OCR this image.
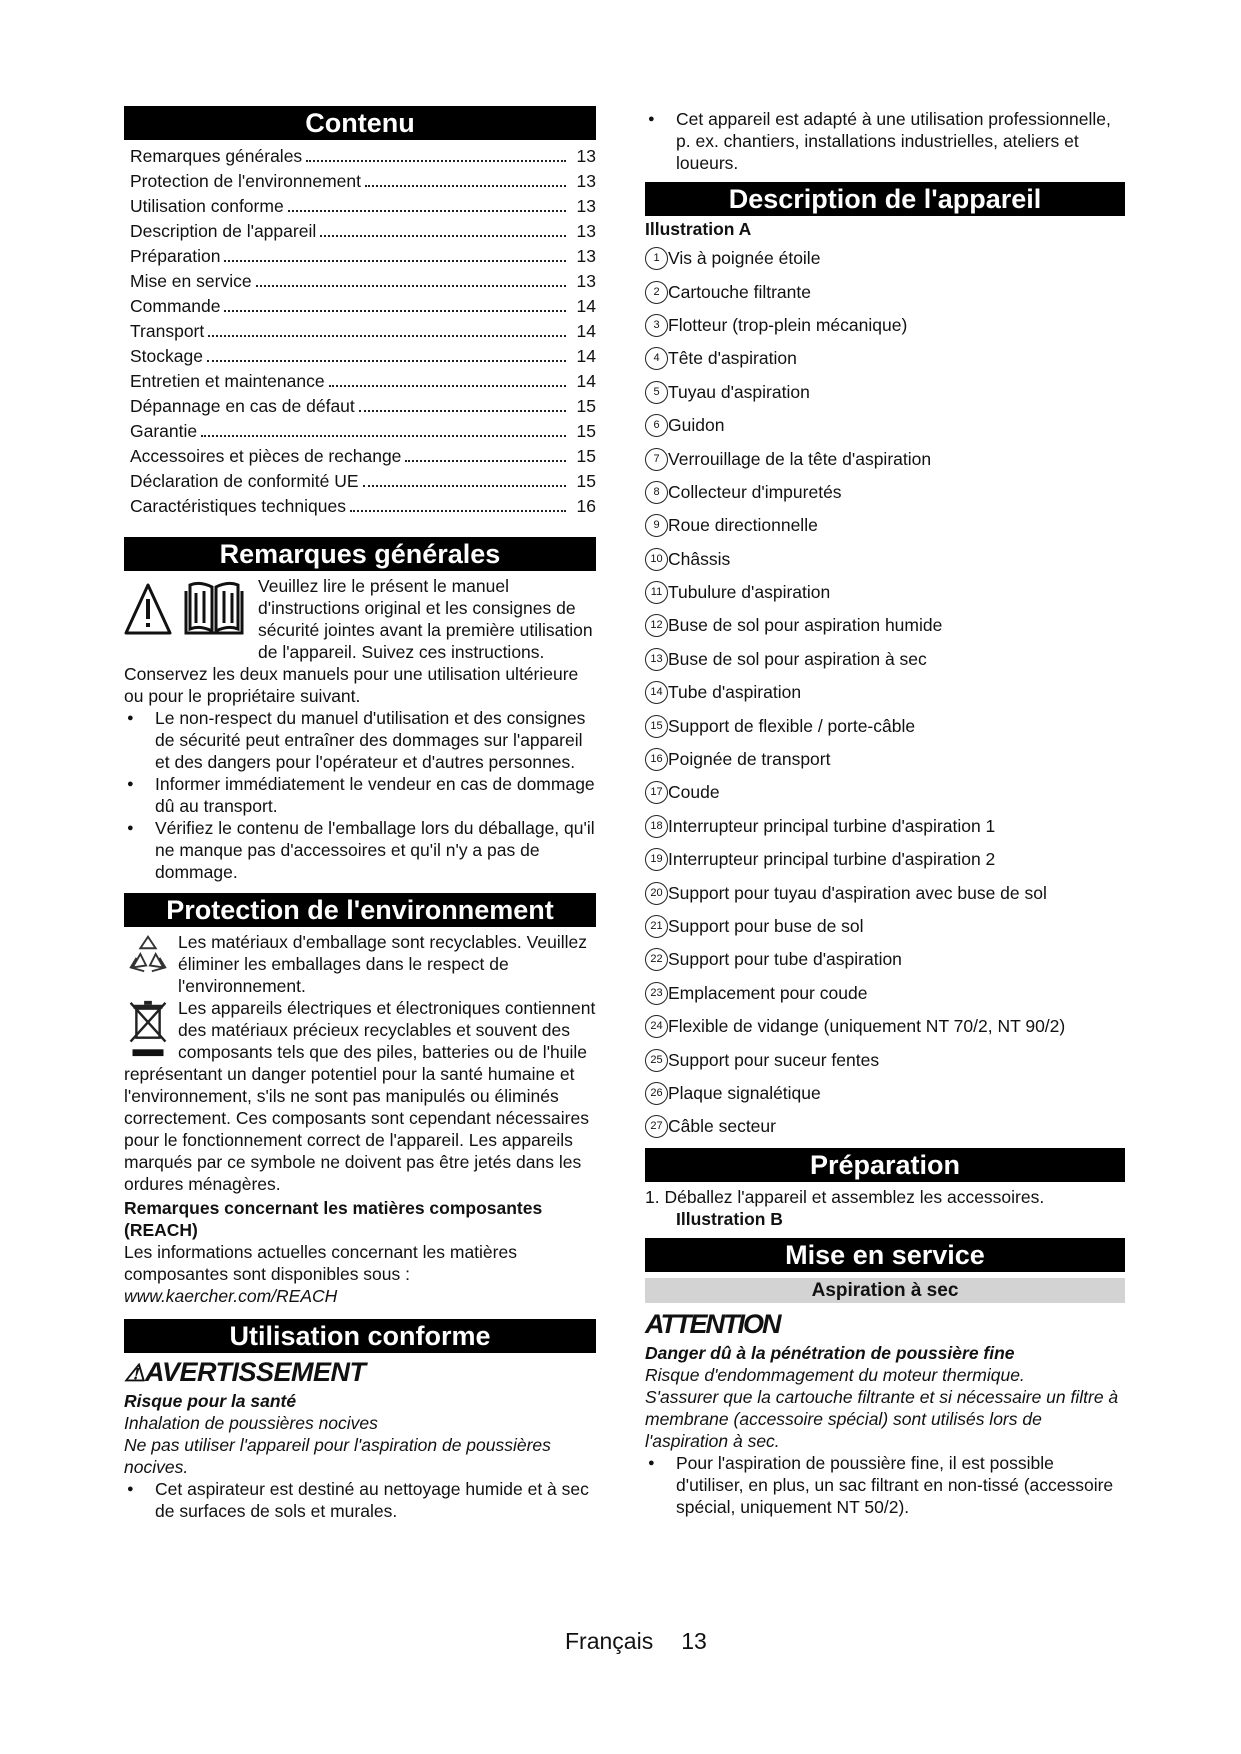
Contenu
Remarques générales	13
Protection de l'environnement	13
Utilisation conforme	13
Description de l'appareil	13
Préparation	13
Mise en service	13
Commande	14
Transport	14
Stockage	14
Entretien et maintenance	14
Dépannage en cas de défaut	15
Garantie	15
Accessoires et pièces de rechange	15
Déclaration de conformité UE	15
Caractéristiques techniques	16
Remarques générales

Veuillez lire le présent le manuel d'instructions original et les consignes de sécurité jointes avant la première utilisation de l'appareil. Suivez ces instructions. Conservez les deux manuels pour une utilisation ultérieure ou pour le propriétaire suivant.

● Le non-respect du manuel d'utilisation et des consignes de sécurité peut entraîner des dommages sur l'appareil et des dangers pour l'opérateur et d'autres personnes.
● Informer immédiatement le vendeur en cas de dommage dû au transport.
● Vérifiez le contenu de l'emballage lors du déballage, qu'il ne manque pas d'accessoires et qu'il n'y a pas de dommage.
Protection de l'environnement

Les matériaux d'emballage sont recyclables. Veuillez éliminer les emballages dans le respect de l'environnement.

Les appareils électriques et électroniques contiennent des matériaux précieux recyclables et souvent des composants tels que des piles, batteries ou de l'huile représentant un danger potentiel pour la santé humaine et l'environnement, s'ils ne sont pas manipulés ou éliminés correctement. Ces composants sont cependant nécessaires pour le fonctionnement correct de l'appareil. Les appareils marqués par ce symbole ne doivent pas être jetés dans les ordures ménagères.

Remarques concernant les matières composantes (REACH)

Les informations actuelles concernant les matières composantes sont disponibles sous : www.kaercher.com/REACH

Utilisation conforme
⚠AVERTISSEMENT

Risque pour la santé

Inhalation de poussières nocives

Ne pas utiliser l'appareil pour l'aspiration de poussières nocives.

● Cet aspirateur est destiné au nettoyage humide et à sec de surfaces de sols et murales.
● Cet appareil est adapté à une utilisation professionnelle, p. ex. chantiers, installations industrielles, ateliers et loueurs.
Description de l'appareil

Illustration A

1 Vis à poignée étoile
2 Cartouche filtrante
3 Flotteur (trop-plein mécanique)
4 Tête d'aspiration
5 Tuyau d'aspiration
6 Guidon
7 Verrouillage de la tête d'aspiration
8 Collecteur d'impuretés
9 Roue directionnelle
10 Châssis
11 Tubulure d'aspiration
12 Buse de sol pour aspiration humide
13 Buse de sol pour aspiration à sec
14 Tube d'aspiration
15 Support de flexible / porte-câble
16 Poignée de transport
17 Coude
18 Interrupteur principal turbine d'aspiration 1
19 Interrupteur principal turbine d'aspiration 2
20 Support pour tuyau d'aspiration avec buse de sol
21 Support pour buse de sol
22 Support pour tube d'aspiration
23 Emplacement pour coude
24 Flexible de vidange (uniquement NT 70/2, NT 90/2)
25 Support pour suceur fentes
26 Plaque signalétique
27 Câble secteur
Préparation

1. Déballez l'appareil et assemblez les accessoires.

Illustration B

Mise en service
Aspiration à sec
ATTENTION

Danger dû à la pénétration de poussière fine

Risque d'endommagement du moteur thermique.

S'assurer que la cartouche filtrante et si nécessaire un filtre à membrane (accessoire spécial) sont utilisés lors de l'aspiration à sec.

● Pour l'aspiration de poussière fine, il est possible d'utiliser, en plus, un sac filtrant en non-tissé (accessoire spécial, uniquement NT 50/2).
Français 13
